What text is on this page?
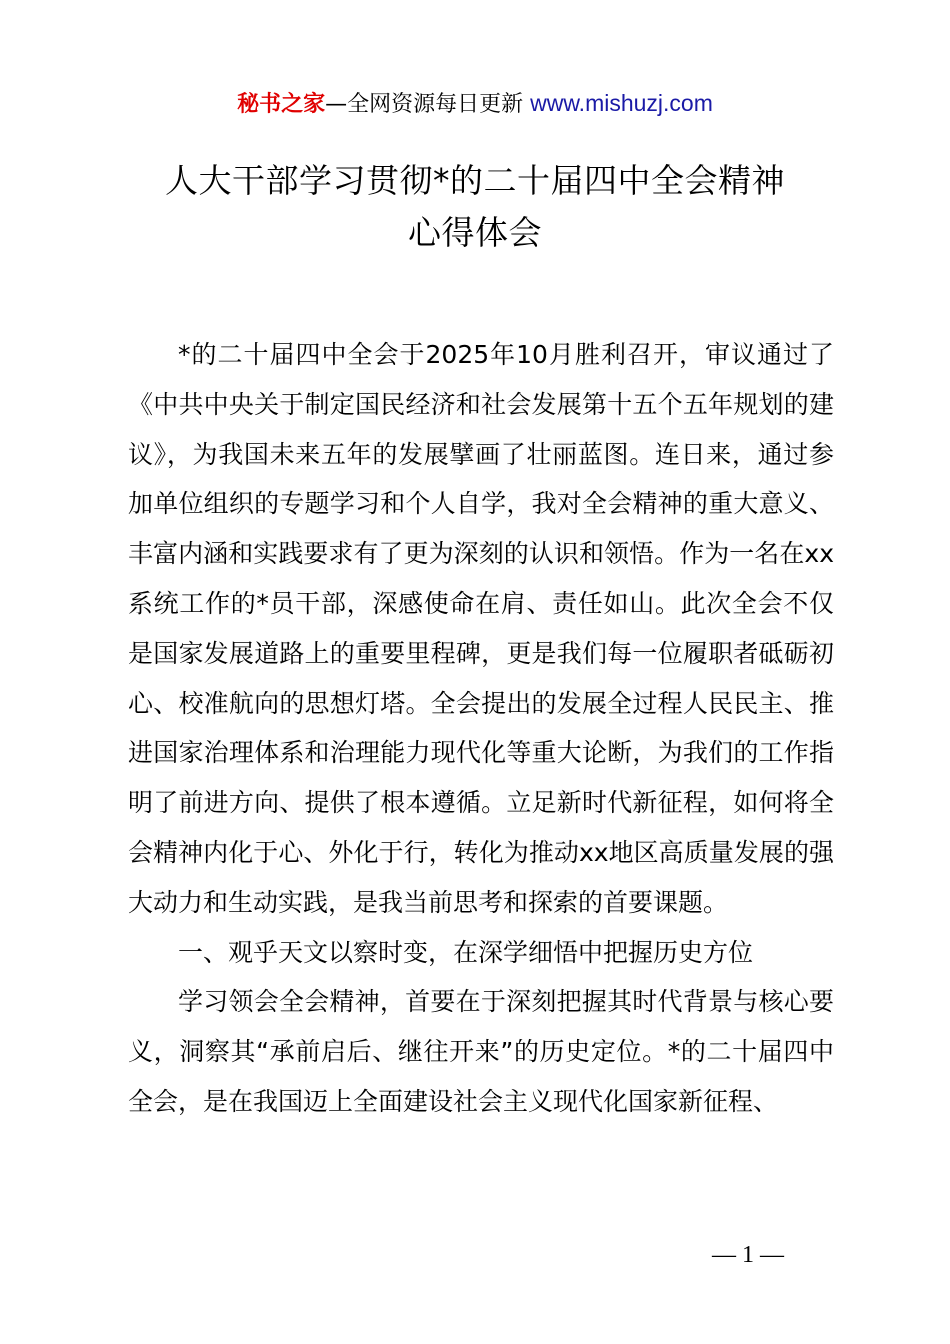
秘书之家—全网资源每日更新 www.mishuzj.com
人大干部学习贯彻*的二十届四中全会精神
心得体会

*的二十届四中全会于2025年10月胜利召开，审议通过了《中共中央关于制定国民经济和社会发展第十五个五年规划的建议》，为我国未来五年的发展擘画了壮丽蓝图。连日来，通过参加单位组织的专题学习和个人自学，我对全会精神的重大意义、丰富内涵和实践要求有了更为深刻的认识和领悟。作为一名在xx系统工作的*员干部，深感使命在肩、责任如山。此次全会不仅是国家发展道路上的重要里程碑，更是我们每一位履职者砥砺初心、校准航向的思想灯塔。全会提出的发展全过程人民民主、推进国家治理体系和治理能力现代化等重大论断，为我们的工作指明了前进方向、提供了根本遵循。立足新时代新征程，如何将全会精神内化于心、外化于行，转化为推动xx地区高质量发展的强大动力和生动实践，是我当前思考和探索的首要课题。

一、观乎天文以察时变，在深学细悟中把握历史方位

学习领会全会精神，首要在于深刻把握其时代背景与核心要义，洞察其“承前启后、继往开来”的历史定位。*的二十届四中全会，是在我国迈上全面建设社会主义现代化国家新征程、

— 1 —
